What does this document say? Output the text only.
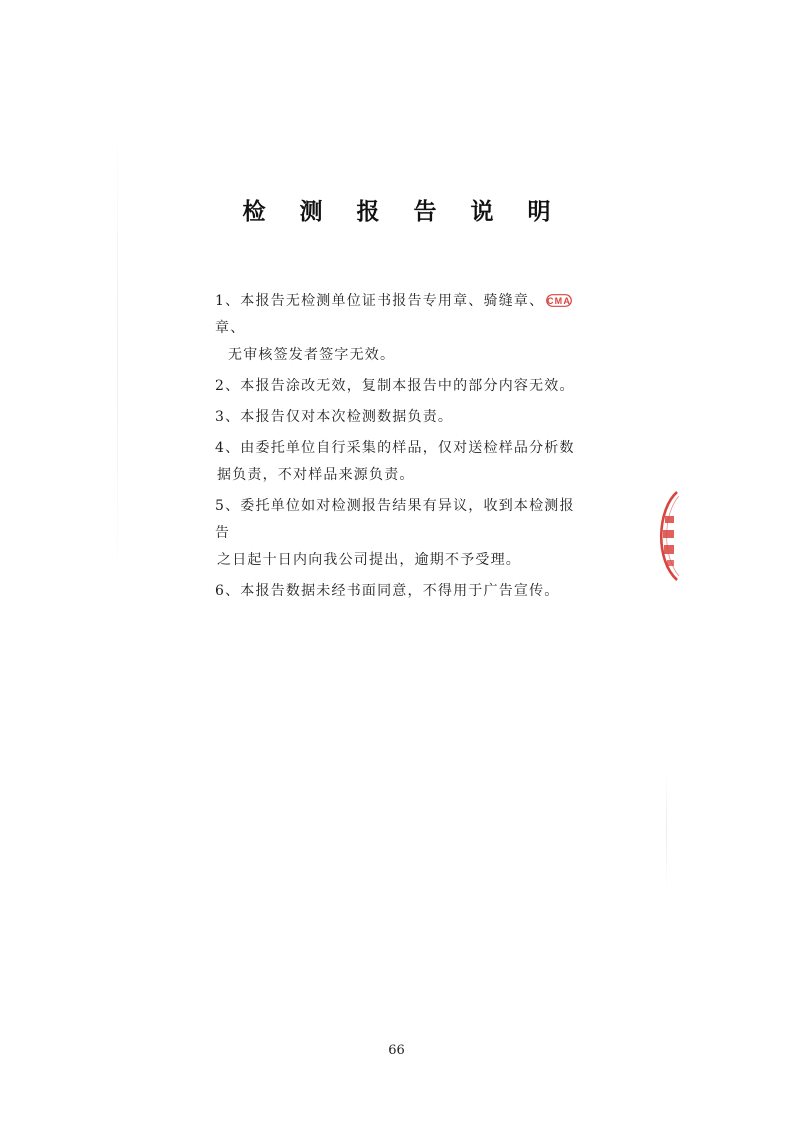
检 测 报 告 说 明
1、本报告无检测单位证书报告专用章、骑缝章、 CMA
章、
无审核签发者签字无效。
2、本报告涂改无效，复制本报告中的部分内容无效。
3、本报告仅对本次检测数据负责。
4、由委托单位自行采集的样品，仅对送检样品分析数
据负责，不对样品来源负责。
5、委托单位如对检测报告结果有异议，收到本检测报告
之日起十日内向我公司提出，逾期不予受理。
6、本报告数据未经书面同意，不得用于广告宣传。
66
